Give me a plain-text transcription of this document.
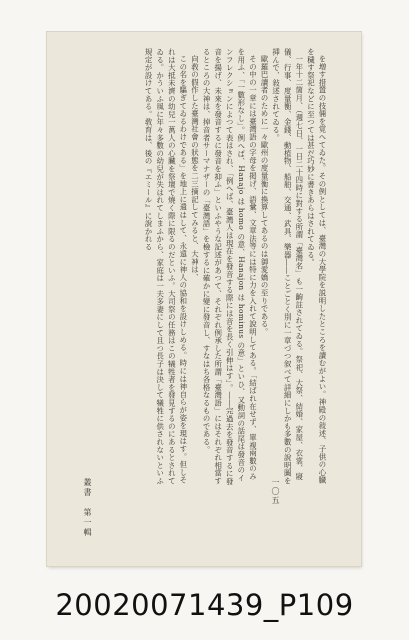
を増す措置の技倆を覚へてゐた。その例としては、臺灣の大學院を説明したところを讀むがよい。神殿の敍述、子供の心臓を穢す祭祀などに至つては甚だ巧妙に書きあらはされてゐる。

一年十二箇月、（週七日、一日二十四時に對する所謂「臺灣名」も一齣註されてゐる。祭祀、大祭、結婚、家屋、衣裳、寢儀、行事、度量衡、金錢、動植物、船舶、交通、武具、樂器――ことごとく別に一章づつ叙べて詳細にしかも多數の說明圖を挿んで、敍述されてゐる。

歐羅巴讀者のために一々歐州の度量衡に換算してあるのは御愛嬌の至りである。

その中の一章には臺灣語の字母を掲げ、語彙、文章法等には特に力を入れて說明してある。「結ばれ在せず、單複兩數のみを用ふ、「一數形なし」。例へば、Hanajo は homo の意、Hanajon は hominus の意」といひ、又動詞の話尾は發音のインフレクションによつて表はされ、「例へば、臺灣人は現在を發音する際には音を長く引伸はす」。――完過去を發音するに發音を揚げ、未來を發音するに發音を抑ふ」といふやうな記述があつて、それぞれ例承した所謂「臺灣語」にはそれぞれ相當するところの大神は、掉音者サーマナザーの「臺灣語」を檢するに確かに變に發音し、すなはち各格なるものである。

向敎の假作した臺灣社會の狀態を二三摘記してみると、大神は、

この名を驅ぎてゐるわけである」を地上に遣はして、永遠に神人の協和を設けしめる。時には神自らが姿を現はす。但しそれは大抵未濟の幼兒一萬人の心臟を祭壇で燒く際に限るのだといふ。大司祭の任務はこの犠牲者を發見するのにあるとされてゐる。かういふ風に年々多數の幼兒が失はれてしまふから、家庭は一夫多妻にして且つ長子は決して犠牲に供されないといふ規定が設けてある。敎育は、後の『エミール』に說かれる

叢書　第一輯	一〇五
20020071439_P109
